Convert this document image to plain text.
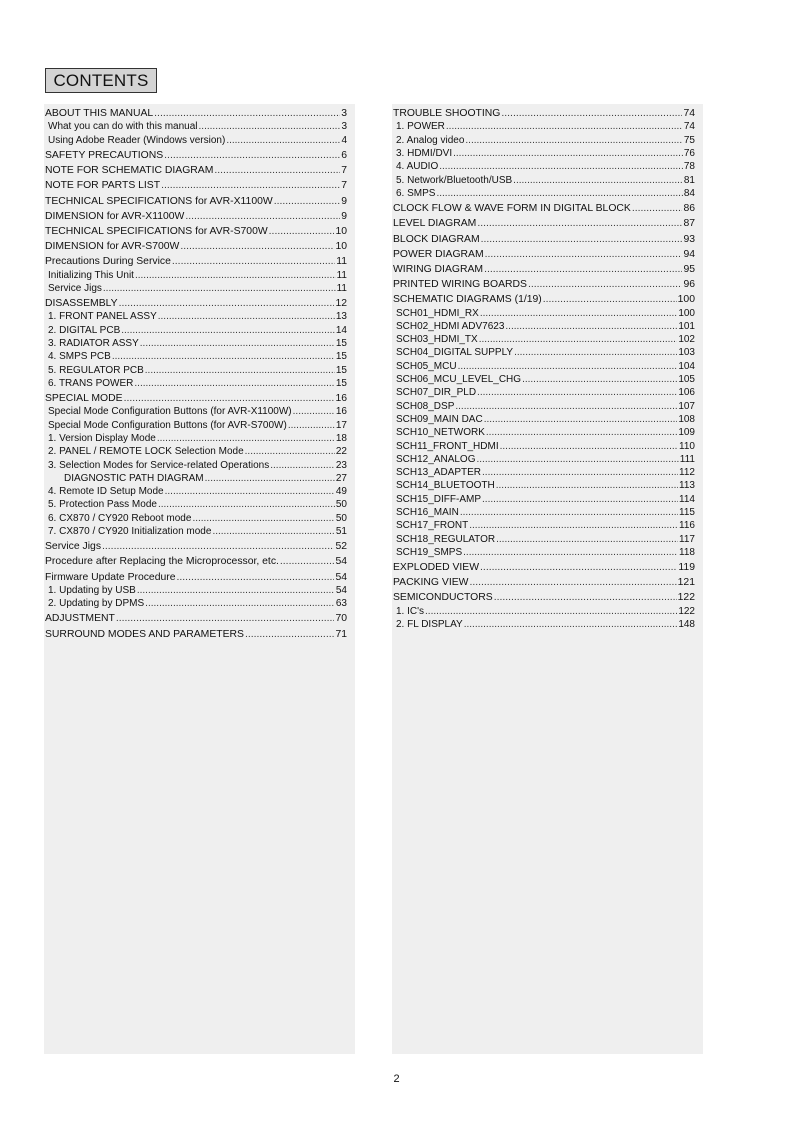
CONTENTS
ABOUT THIS MANUAL .....	3
What you can do with this manual .....	3
Using Adobe Reader (Windows version) .....	4
SAFETY PRECAUTIONS .....	6
NOTE FOR SCHEMATIC DIAGRAM .....	7
NOTE FOR PARTS LIST .....	7
TECHNICAL SPECIFICATIONS for AVR-X1100W .....	9
DIMENSION for AVR-X1100W .....	9
TECHNICAL SPECIFICATIONS for AVR-S700W .....	10
DIMENSION for AVR-S700W .....	10
Precautions During Service .....	11
Initializing This Unit .....	11
Service Jigs .....	11
DISASSEMBLY .....	12
1. FRONT PANEL ASSY .....	13
2. DIGITAL PCB .....	14
3. RADIATOR ASSY .....	15
4. SMPS PCB .....	15
5. REGULATOR PCB .....	15
6. TRANS POWER .....	15
SPECIAL MODE .....	16
Special Mode Configuration Buttons (for AVR-X1100W) .....	16
Special Mode Configuration Buttons (for AVR-S700W) .....	17
1. Version Display Mode .....	18
2. PANEL / REMOTE LOCK Selection Mode .....	22
3. Selection Modes for Service-related Operations .....	23
DIAGNOSTIC PATH DIAGRAM .....	27
4. Remote ID Setup Mode .....	49
5. Protection Pass Mode .....	50
6. CX870 / CY920 Reboot mode .....	50
7. CX870 / CY920 Initialization mode .....	51
Service Jigs .....	52
Procedure after Replacing the Microprocessor, etc. .....	54
Firmware Update Procedure .....	54
1. Updating by USB .....	54
2. Updating by DPMS .....	63
ADJUSTMENT .....	70
SURROUND MODES AND PARAMETERS .....	71
TROUBLE SHOOTING .....	74
1. POWER .....	74
2. Analog video .....	75
3. HDMI/DVI .....	76
4. AUDIO .....	78
5. Network/Bluetooth/USB .....	81
6. SMPS .....	84
CLOCK FLOW & WAVE FORM IN DIGITAL BLOCK .....	86
LEVEL DIAGRAM .....	87
BLOCK DIAGRAM .....	93
POWER DIAGRAM .....	94
WIRING DIAGRAM .....	95
PRINTED WIRING BOARDS .....	96
SCHEMATIC DIAGRAMS (1/19) .....	100
SCH01_HDMI_RX .....	100
SCH02_HDMI ADV7623 .....	101
SCH03_HDMI_TX .....	102
SCH04_DIGITAL SUPPLY .....	103
SCH05_MCU .....	104
SCH06_MCU_LEVEL_CHG .....	105
SCH07_DIR_PLD .....	106
SCH08_DSP .....	107
SCH09_MAIN DAC .....	108
SCH10_NETWORK .....	109
SCH11_FRONT_HDMI .....	110
SCH12_ANALOG .....	111
SCH13_ADAPTER .....	112
SCH14_BLUETOOTH .....	113
SCH15_DIFF-AMP .....	114
SCH16_MAIN .....	115
SCH17_FRONT .....	116
SCH18_REGULATOR .....	117
SCH19_SMPS .....	118
EXPLODED VIEW .....	119
PACKING VIEW .....	121
SEMICONDUCTORS .....	122
1. IC's .....	122
2. FL DISPLAY .....	148
2
